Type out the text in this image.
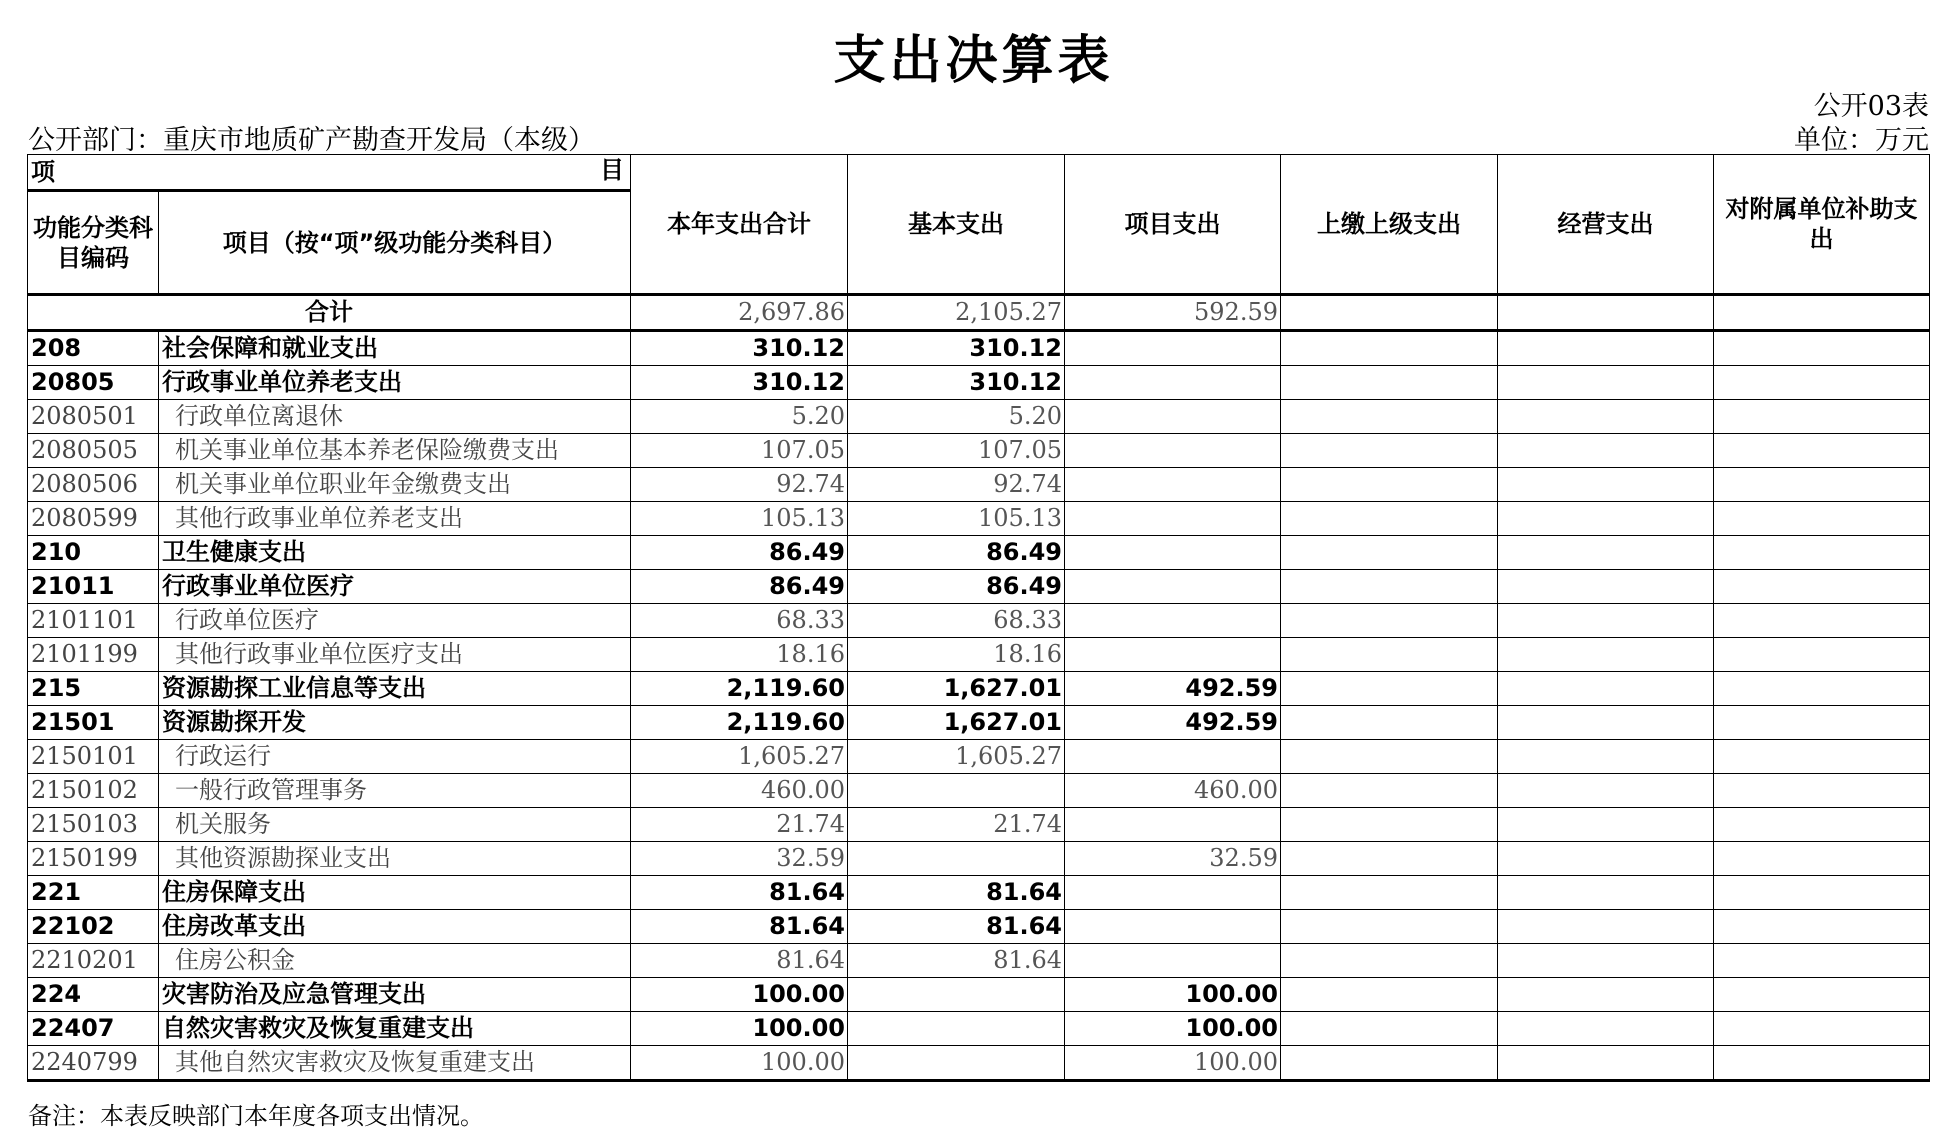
支出决算表
公开03表
公开部门：重庆市地质矿产勘查开发局（本级）	单位：万元
项 目		本年支出合计	基本支出	项目支出	上缴上级支出	经营支出	对附属单位补助支出
功能分类科目编码	项目（按“项”级功能分类科目）						
合计		2,697.86	2,105.27	592.59			
208	社会保障和就业支出	310.12	310.12				
20805	行政事业单位养老支出	310.12	310.12				
2080501	行政单位离退休	5.20	5.20				
2080505	机关事业单位基本养老保险缴费支出	107.05	107.05				
2080506	机关事业单位职业年金缴费支出	92.74	92.74				
2080599	其他行政事业单位养老支出	105.13	105.13				
210	卫生健康支出	86.49	86.49				
21011	行政事业单位医疗	86.49	86.49				
2101101	行政单位医疗	68.33	68.33				
2101199	其他行政事业单位医疗支出	18.16	18.16				
215	资源勘探工业信息等支出	2,119.60	1,627.01	492.59			
21501	资源勘探开发	2,119.60	1,627.01	492.59			
2150101	行政运行	1,605.27	1,605.27				
2150102	一般行政管理事务	460.00		460.00			
2150103	机关服务	21.74	21.74				
2150199	其他资源勘探业支出	32.59		32.59			
221	住房保障支出	81.64	81.64				
22102	住房改革支出	81.64	81.64				
2210201	住房公积金	81.64	81.64				
224	灾害防治及应急管理支出	100.00		100.00			
22407	自然灾害救灾及恢复重建支出	100.00		100.00			
2240799	其他自然灾害救灾及恢复重建支出	100.00		100.00			
备注：本表反映部门本年度各项支出情况。
